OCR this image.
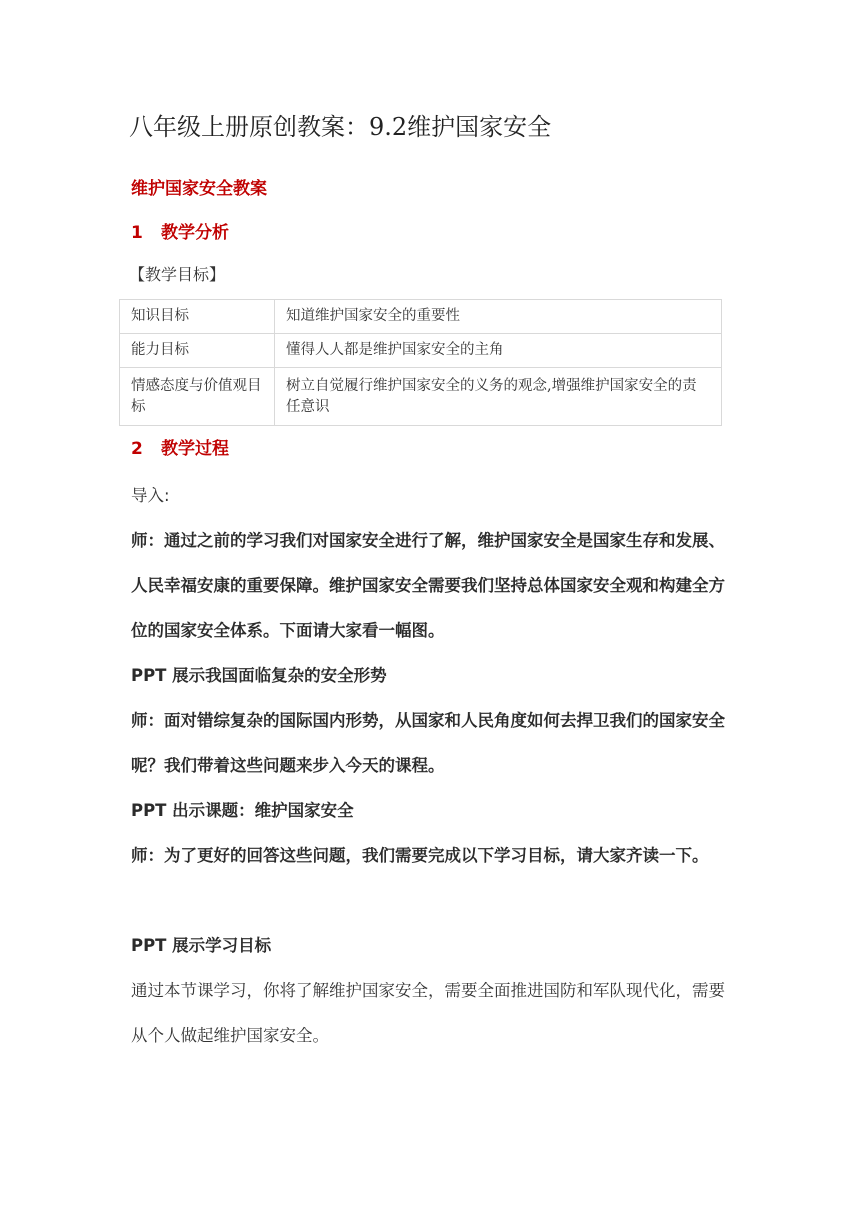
八年级上册原创教案：9.2维护国家安全
维护国家安全教案
1 教学分析
【教学目标】
知识目标	知道维护国家安全的重要性
能力目标	懂得人人都是维护国家安全的主角
情感态度与价值观目标	树立自觉履行维护国家安全的义务的观念,增强维护国家安全的责任意识
2 教学过程
导入:
师：通过之前的学习我们对国家安全进行了解，维护国家安全是国家生存和发展、人民幸福安康的重要保障。维护国家安全需要我们坚持总体国家安全观和构建全方位的国家安全体系。下面请大家看一幅图。
PPT 展示我国面临复杂的安全形势
师：面对错综复杂的国际国内形势，从国家和人民角度如何去捍卫我们的国家安全呢？我们带着这些问题来步入今天的课程。
PPT 出示课题：维护国家安全
师：为了更好的回答这些问题，我们需要完成以下学习目标，请大家齐读一下。
PPT 展示学习目标
通过本节课学习，你将了解维护国家安全，需要全面推进国防和军队现代化，需要从个人做起维护国家安全。
